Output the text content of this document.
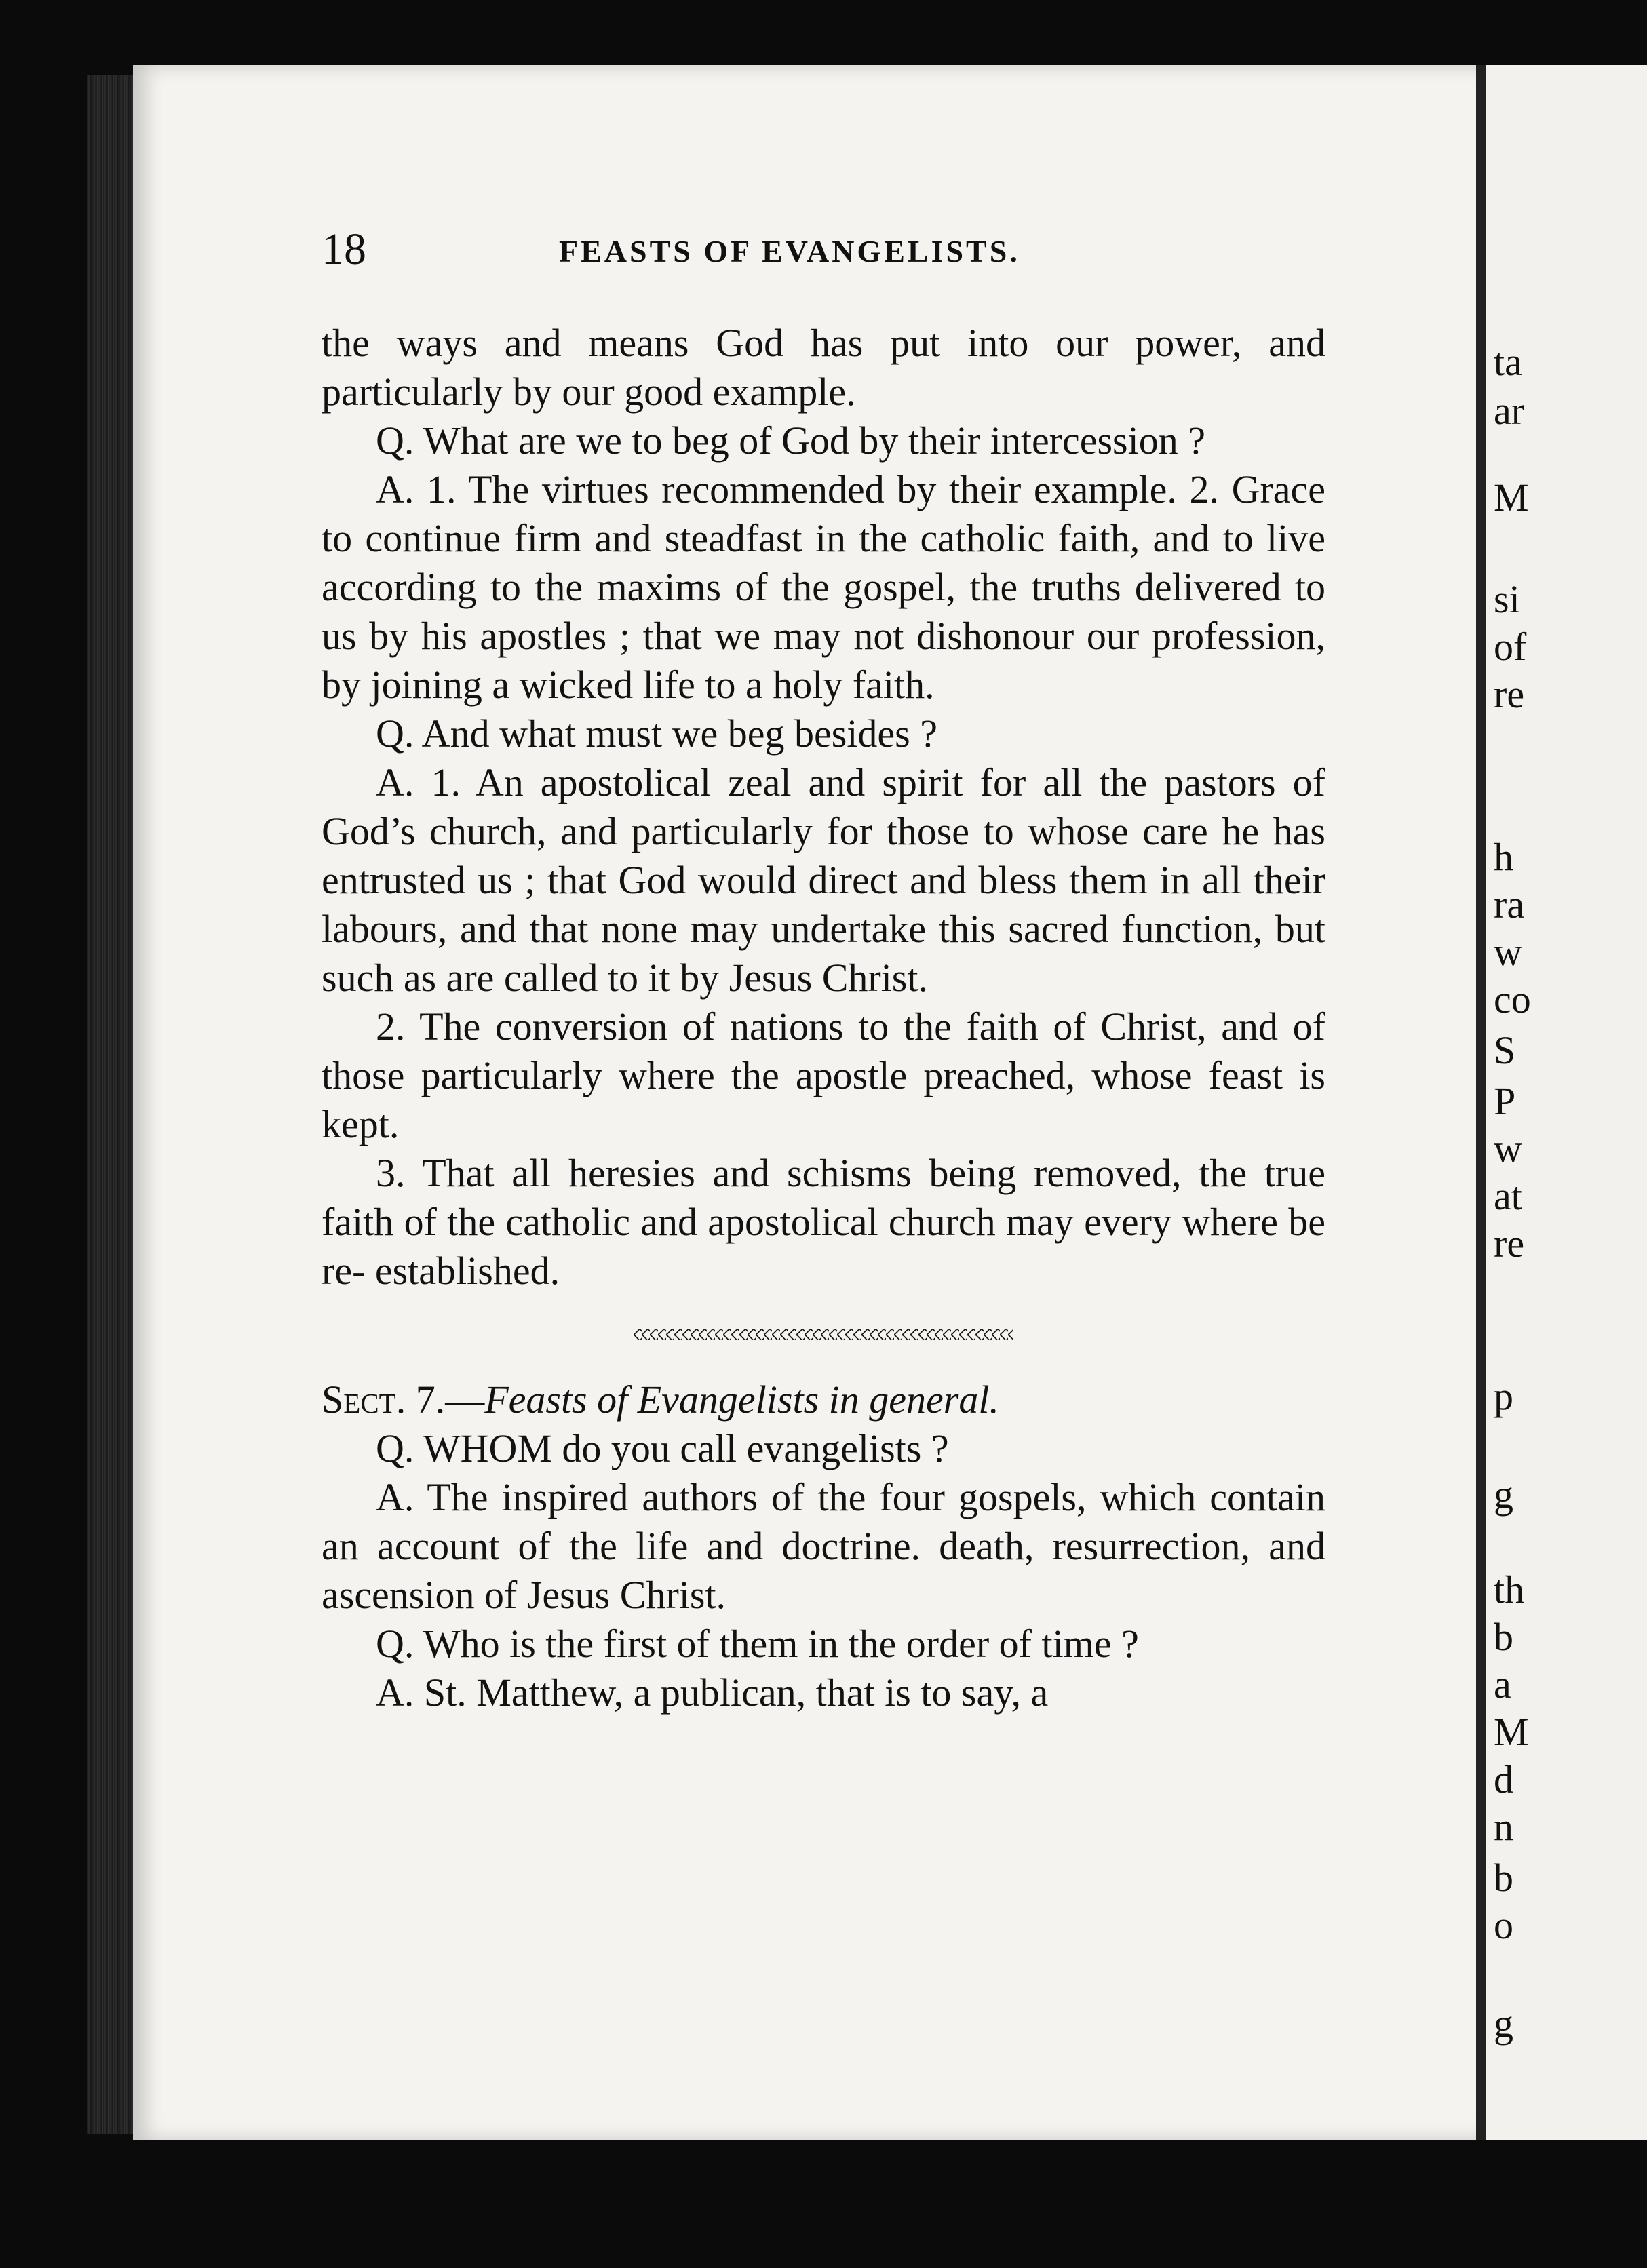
ta
ar
M
si
of
re
h
ra
w
co
S
P
w
at
re
p
g
th
b
a
M
d
n
b
o
g
18	FEASTS OF EVANGELISTS.

the ways and means God has put into our power, and particularly by our good example.

Q. What are we to beg of God by their intercession ?

A. 1. The virtues recommended by their example. 2. Grace to continue firm and steadfast in the catholic faith, and to live according to the maxims of the gospel, the truths delivered to us by his apostles ; that we may not dishonour our profession, by joining a wicked life to a holy faith.

Q. And what must we beg besides ?

A. 1. An apostolical zeal and spirit for all the pastors of God’s church, and particularly for those to whose care he has entrusted us ; that God would direct and bless them in all their labours, and that none may undertake this sacred function, but such as are called to it by Jesus Christ.

2. The conversion of nations to the faith of Christ, and of those particularly where the apostle preached, whose feast is kept.

3. That all heresies and schisms being removed, the true faith of the catholic and apostolical church may every where be re- established.

Sect. 7.—Feasts of Evangelists in general.

Q. WHOM do you call evangelists ?

A. The inspired authors of the four gospels, which contain an account of the life and doctrine. death, resurrection, and ascension of Jesus Christ.

Q. Who is the first of them in the order of time ?

A. St. Matthew, a publican, that is to say, a
